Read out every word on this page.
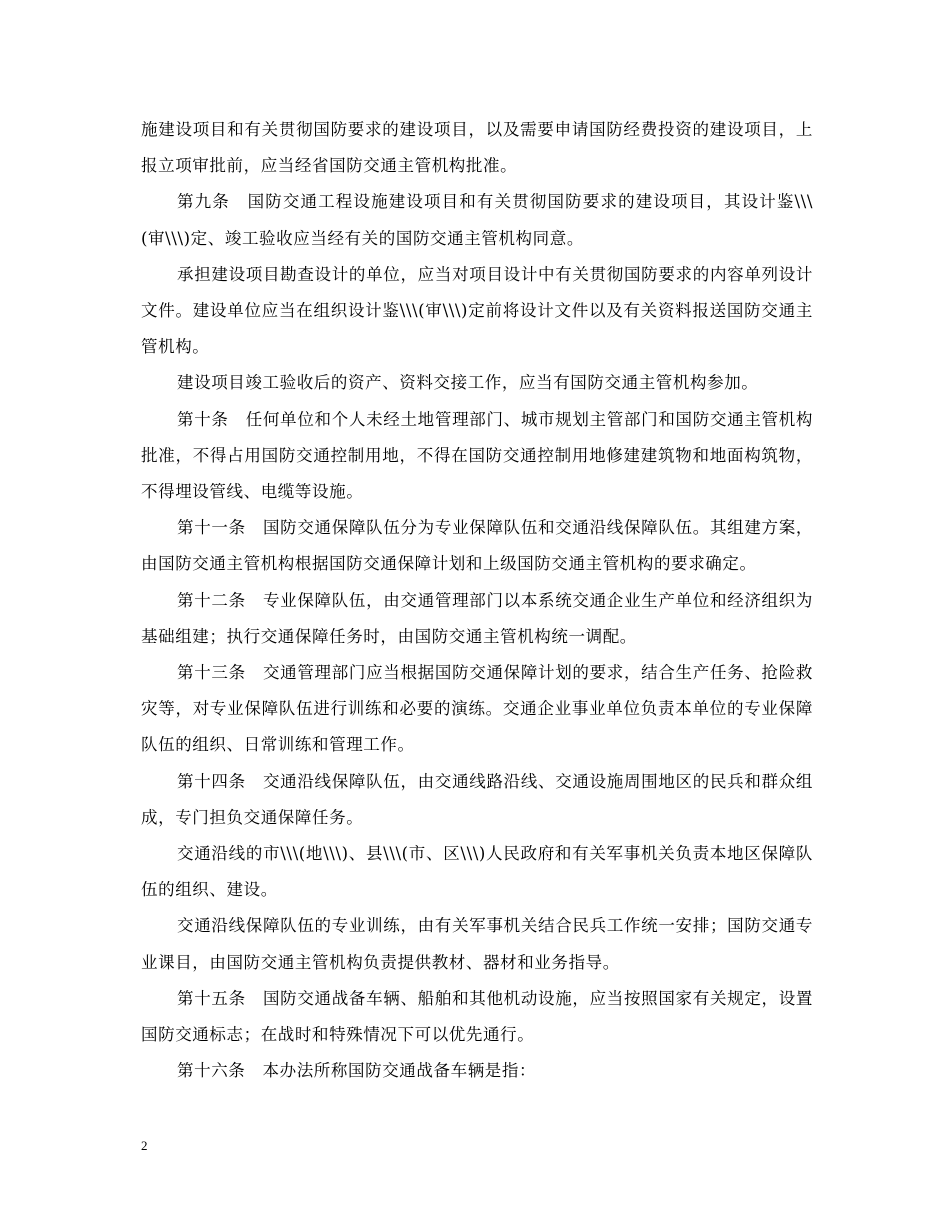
施建设项目和有关贯彻国防要求的建设项目，以及需要申请国防经费投资的建设项目，上报立项审批前，应当经省国防交通主管机构批准。

第九条　国防交通工程设施建设项目和有关贯彻国防要求的建设项目，其设计鉴\\\(审\\\)定、竣工验收应当经有关的国防交通主管机构同意。

承担建设项目勘查设计的单位，应当对项目设计中有关贯彻国防要求的内容单列设计文件。建设单位应当在组织设计鉴\\\(审\\\)定前将设计文件以及有关资料报送国防交通主管机构。

建设项目竣工验收后的资产、资料交接工作，应当有国防交通主管机构参加。

第十条　任何单位和个人未经土地管理部门、城市规划主管部门和国防交通主管机构批准，不得占用国防交通控制用地，不得在国防交通控制用地修建建筑物和地面构筑物，不得埋设管线、电缆等设施。

第十一条　国防交通保障队伍分为专业保障队伍和交通沿线保障队伍。其组建方案，由国防交通主管机构根据国防交通保障计划和上级国防交通主管机构的要求确定。

第十二条　专业保障队伍，由交通管理部门以本系统交通企业生产单位和经济组织为基础组建；执行交通保障任务时，由国防交通主管机构统一调配。

第十三条　交通管理部门应当根据国防交通保障计划的要求，结合生产任务、抢险救灾等，对专业保障队伍进行训练和必要的演练。交通企业事业单位负责本单位的专业保障队伍的组织、日常训练和管理工作。

第十四条　交通沿线保障队伍，由交通线路沿线、交通设施周围地区的民兵和群众组成，专门担负交通保障任务。

交通沿线的市\\\(地\\\)、县\\\(市、区\\\)人民政府和有关军事机关负责本地区保障队伍的组织、建设。

交通沿线保障队伍的专业训练，由有关军事机关结合民兵工作统一安排；国防交通专业课目，由国防交通主管机构负责提供教材、器材和业务指导。

第十五条　国防交通战备车辆、船舶和其他机动设施，应当按照国家有关规定，设置国防交通标志；在战时和特殊情况下可以优先通行。

第十六条　本办法所称国防交通战备车辆是指：

2
